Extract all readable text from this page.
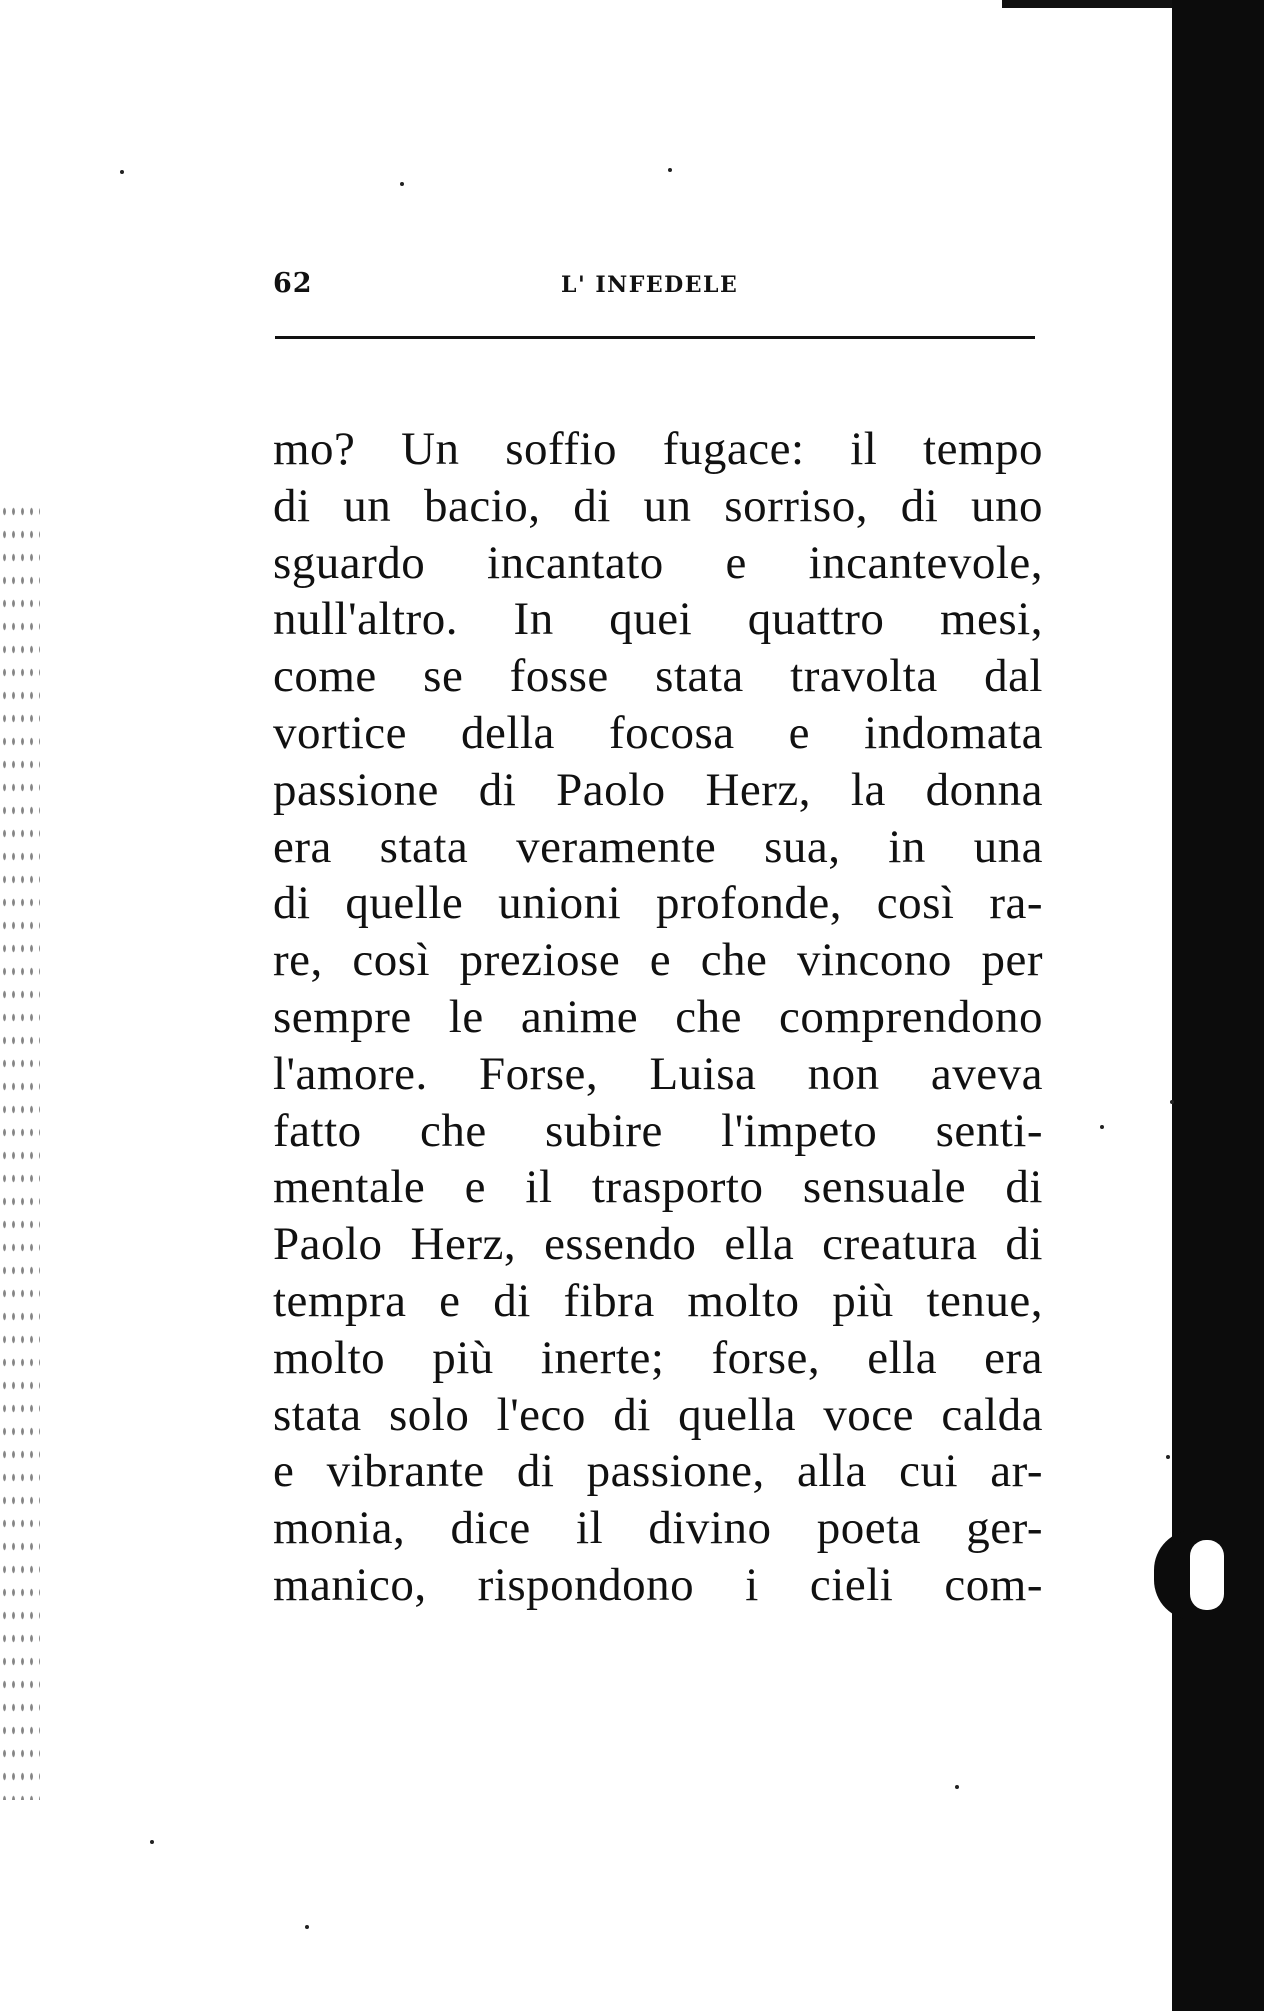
62	L' INFEDELE
mo? Un soffio fugace: il tempo
di un bacio, di un sorriso, di uno
sguardo incantato e incantevole,
null'altro. In quei quattro mesi,
come se fosse stata travolta dal
vortice della focosa e indomata
passione di Paolo Herz, la donna
era stata veramente sua, in una
di quelle unioni profonde, così ra-
re, così preziose e che vincono per
sempre le anime che comprendono
l'amore. Forse, Luisa non aveva
fatto che subire l'impeto senti-
mentale e il trasporto sensuale di
Paolo Herz, essendo ella creatura di
tempra e di fibra molto più tenue,
molto più inerte; forse, ella era
stata solo l'eco di quella voce calda
e vibrante di passione, alla cui ar-
monia, dice il divino poeta ger-
manico, rispondono i cieli com-
